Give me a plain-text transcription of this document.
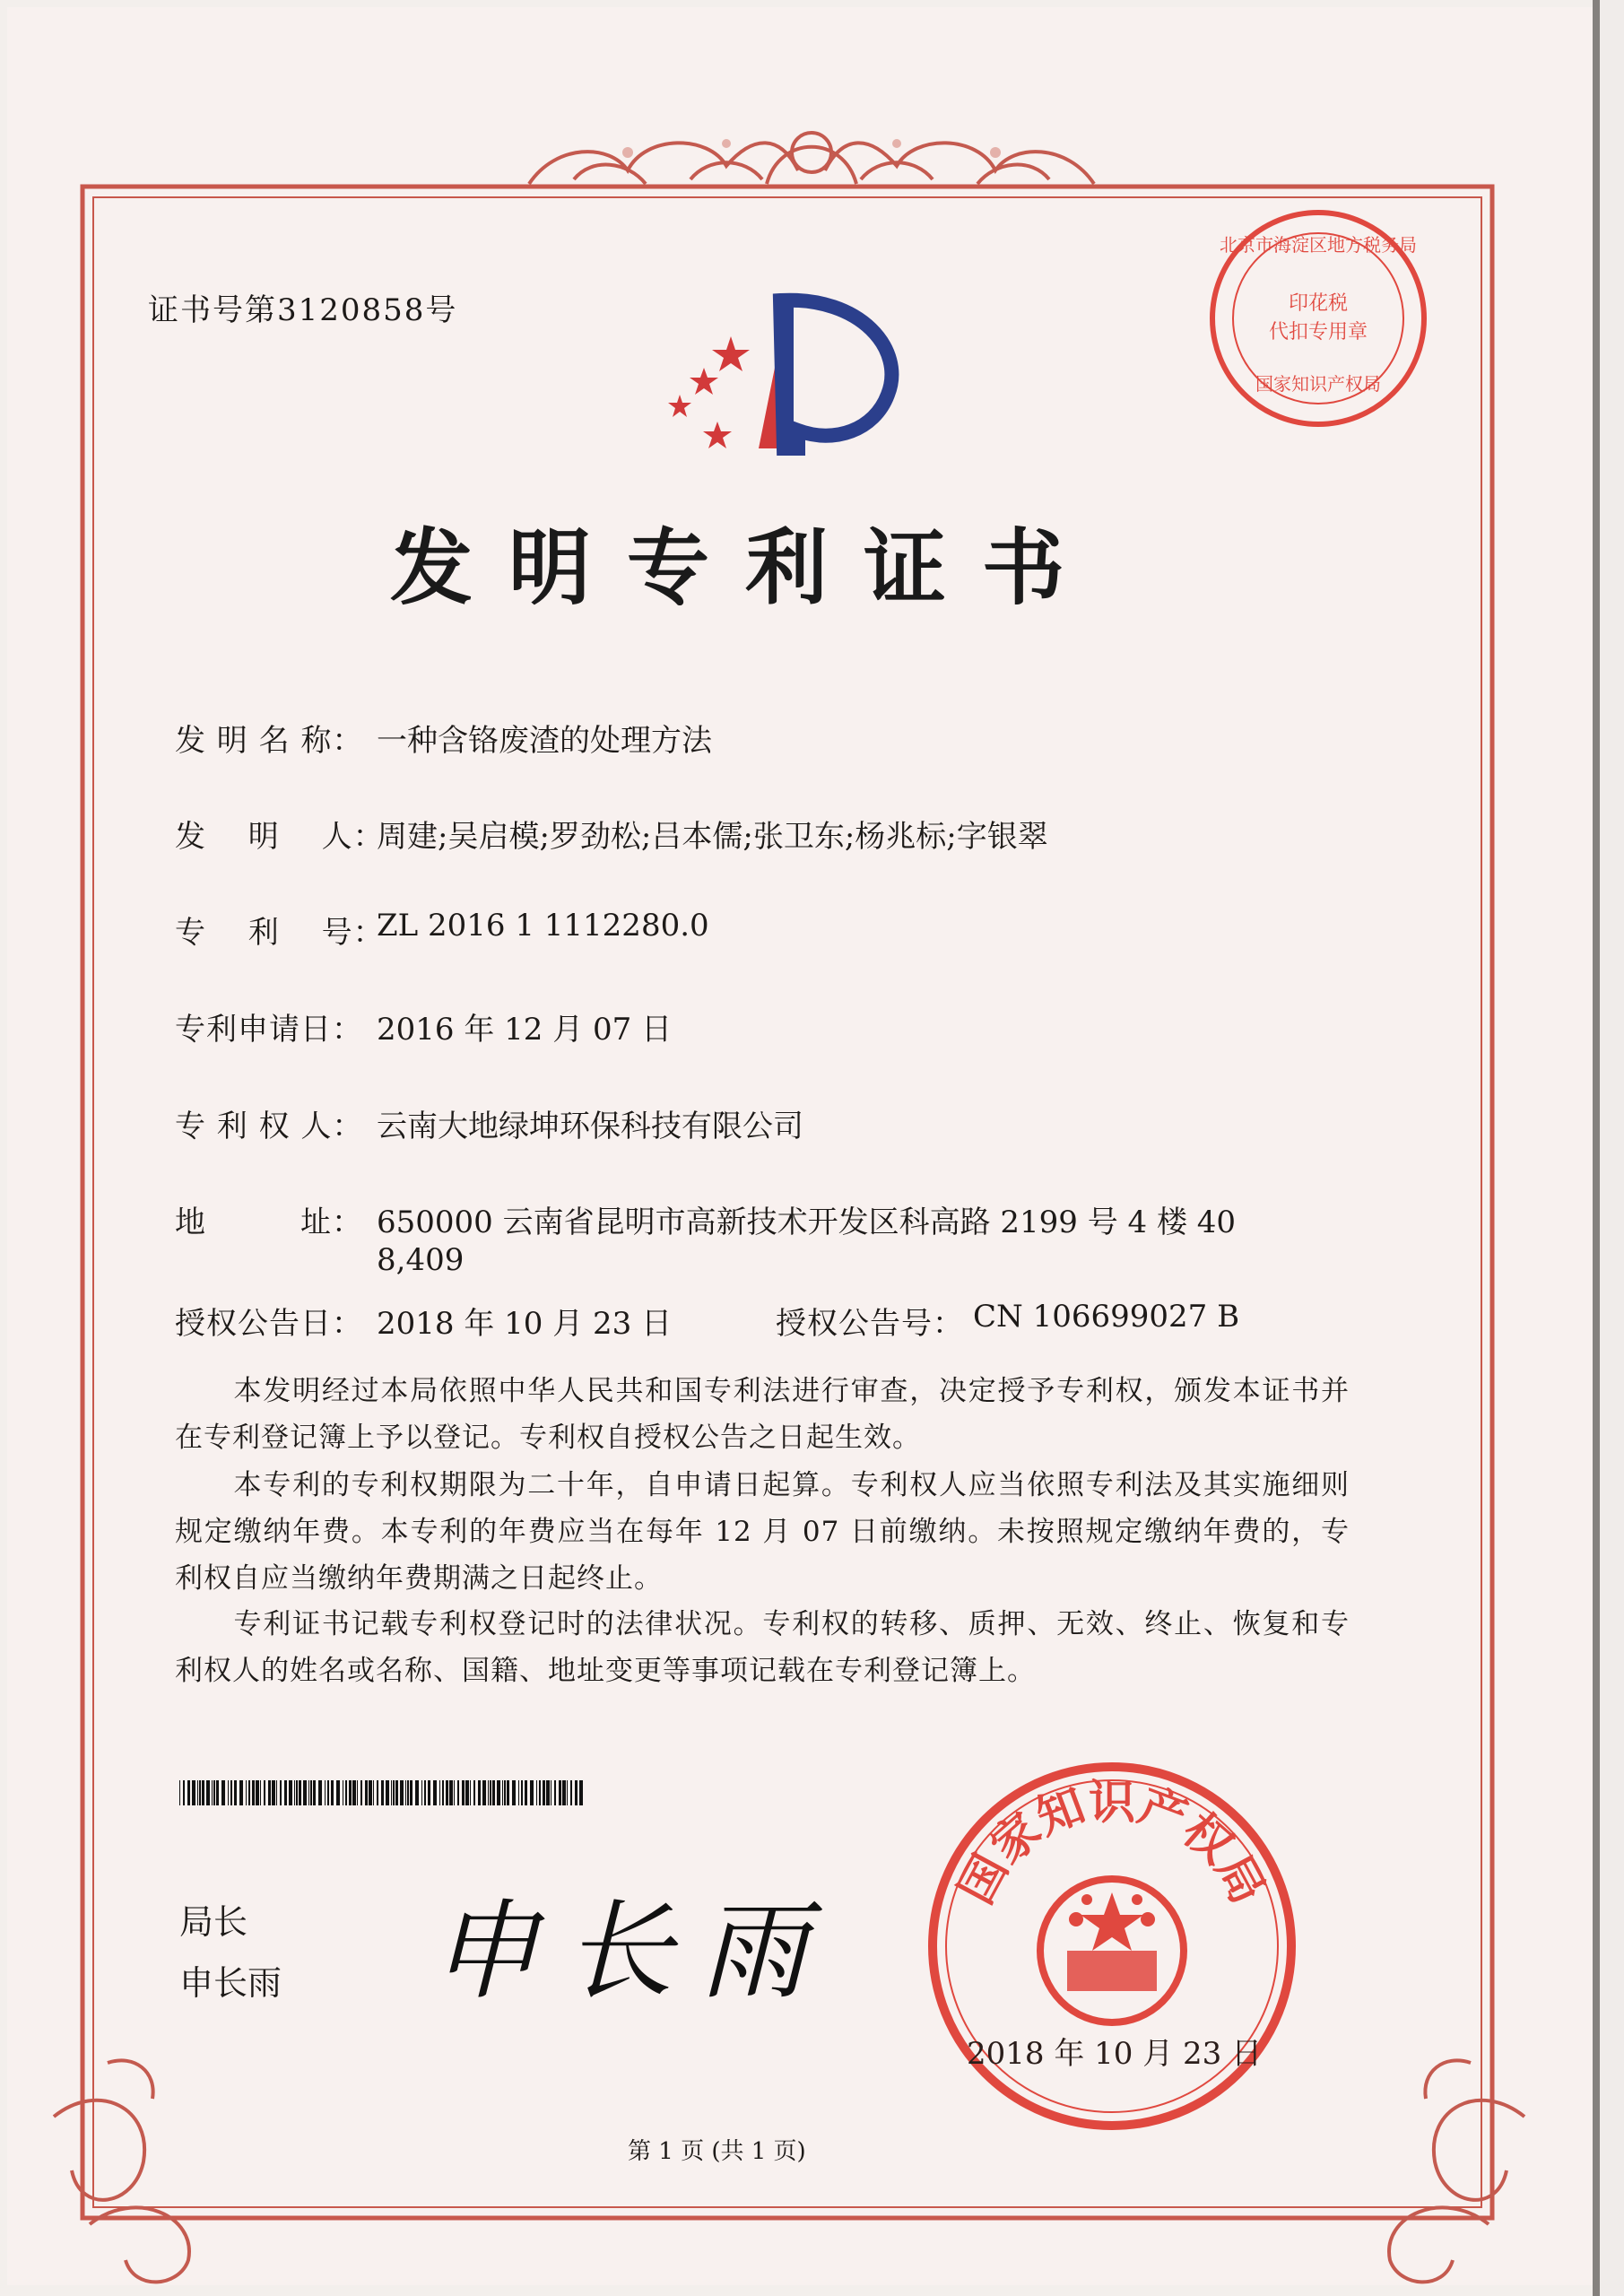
北京市海淀区地方税务局
印花税
代扣专用章
国家知识产权局
国家知识产权局
证书号第3120858号
发明专利证书
发 明 名 称： 一种含铬废渣的处理方法
发　 明　 人：
周建;吴启模;罗劲松;吕本儒;张卫东;杨兆标;字银翠
专　 利　 号：
ZL 2016 1 1112280.0
专利申请日： 2016 年 12 月 07 日
专 利 权 人： 云南大地绿坤环保科技有限公司
地　　　址： 650000 云南省昆明市高新技术开发区科高路 2199 号 4 楼 40
8,409
授权公告日： 2018 年 10 月 23 日	授权公告号： CN 106699027 B
　　本发明经过本局依照中华人民共和国专利法进行审查，决定授予专利权，颁发本证书并在专利登记簿上予以登记。专利权自授权公告之日起生效。
　　本专利的专利权期限为二十年，自申请日起算。专利权人应当依照专利法及其实施细则规定缴纳年费。本专利的年费应当在每年 12 月 07 日前缴纳。未按照规定缴纳年费的，专利权自应当缴纳年费期满之日起终止。
　　专利证书记载专利权登记时的法律状况。专利权的转移、质押、无效、终止、恢复和专利权人的姓名或名称、国籍、地址变更等事项记载在专利登记簿上。
局长
申长雨 申长雨
2018 年 10 月 23 日
第 1 页 (共 1 页)
